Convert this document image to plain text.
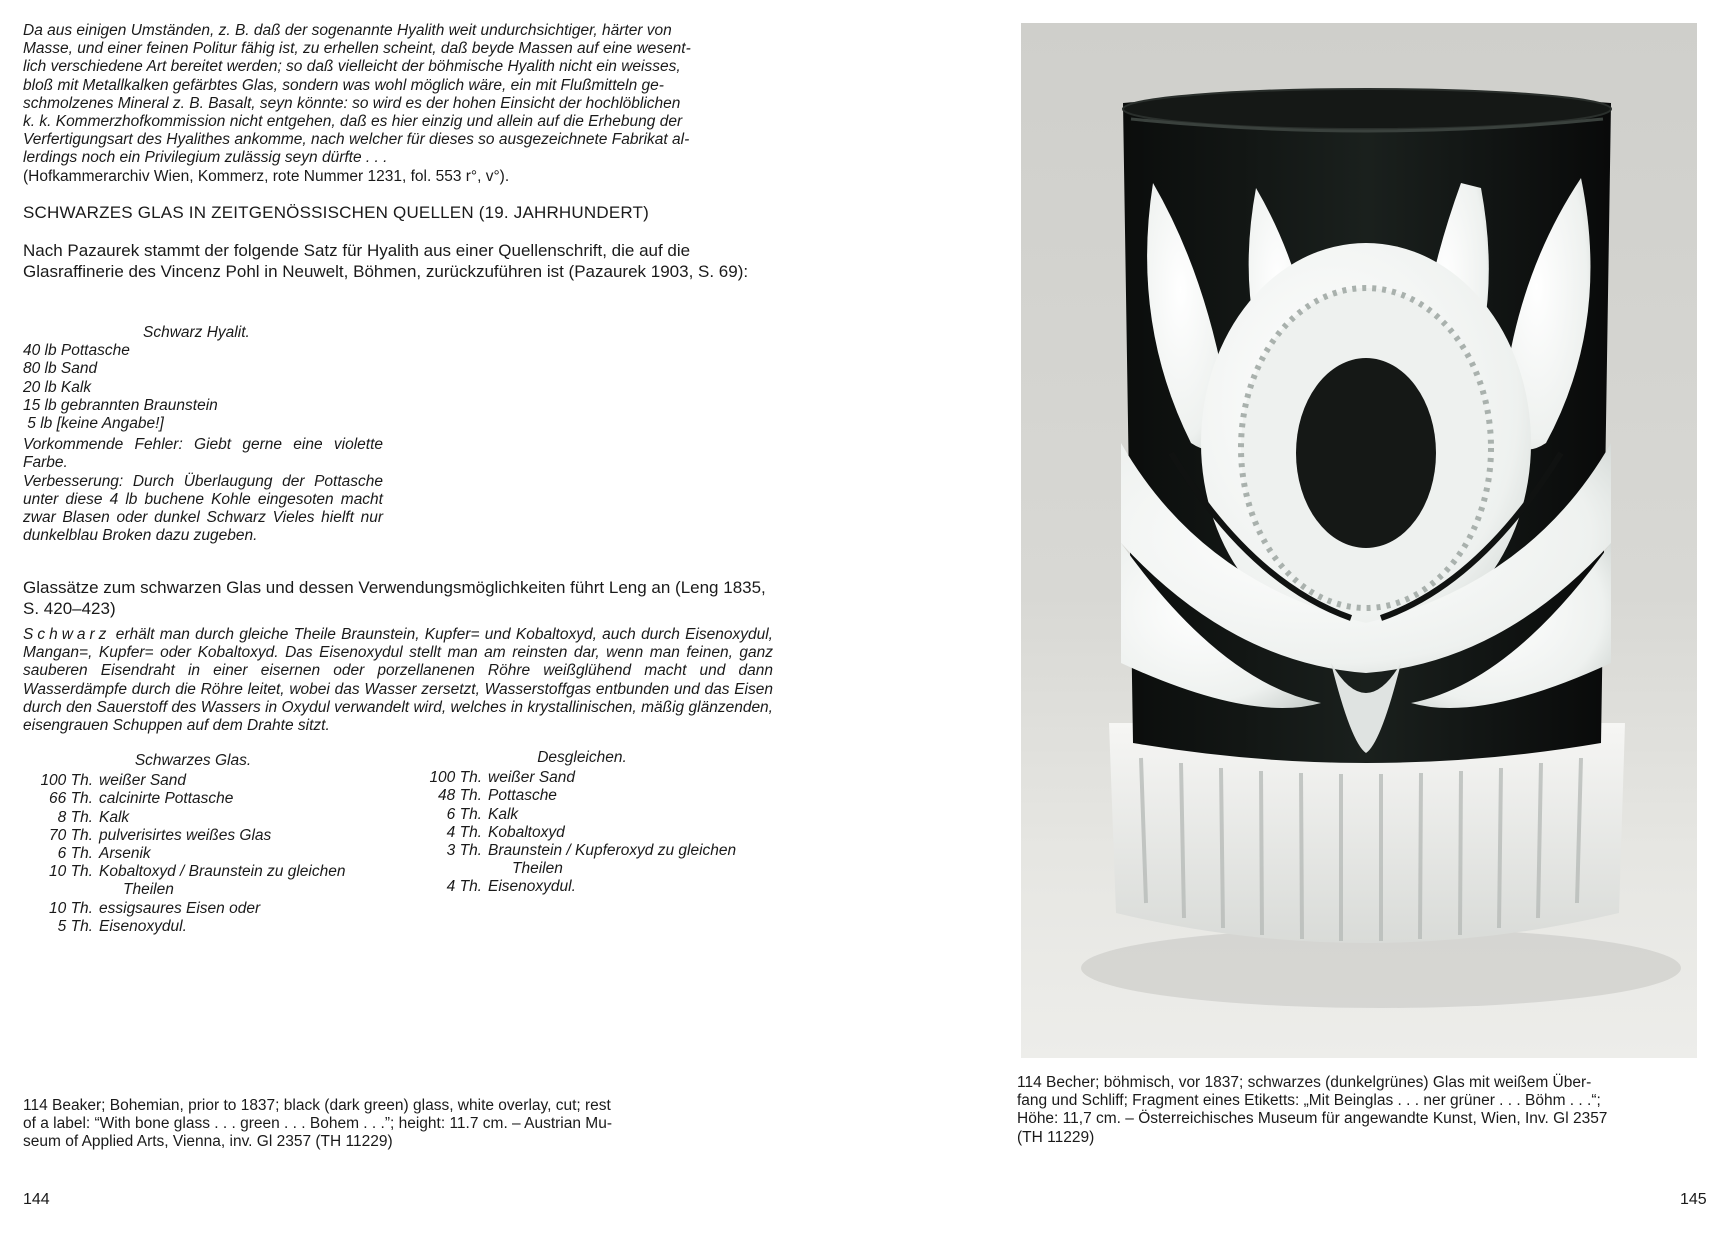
Da aus einigen Umständen, z. B. daß der sogenannte Hyalith weit undurchsichtiger, härter von
Masse, und einer feinen Politur fähig ist, zu erhellen scheint, daß beyde Massen auf eine wesent-
lich verschiedene Art bereitet werden; so daß vielleicht der böhmische Hyalith nicht ein weisses,
bloß mit Metallkalken gefärbtes Glas, sondern was wohl möglich wäre, ein mit Flußmitteln ge-
schmolzenes Mineral z. B. Basalt, seyn könnte: so wird es der hohen Einsicht der hochlöblichen
k. k. Kommerzhofkommission nicht entgehen, daß es hier einzig und allein auf die Erhebung der
Verfertigungsart des Hyalithes ankomme, nach welcher für dieses so ausgezeichnete Fabrikat al-
lerdings noch ein Privilegium zulässig seyn dürfte . . .
(Hofkammerarchiv Wien, Kommerz, rote Nummer 1231, fol. 553 r°, v°).
SCHWARZES GLAS IN ZEITGENÖSSISCHEN QUELLEN (19. JAHRHUNDERT)

Nach Pazaurek stammt der folgende Satz für Hyalith aus einer Quellenschrift, die auf die Glasraffinerie des Vincenz Pohl in Neuwelt, Böhmen, zurückzuführen ist (Pazaurek 1903, S. 69):

Schwarz Hyalit.
40 lb Pottasche
80 lb Sand
20 lb Kalk
15 lb gebrannten Braunstein
5 lb [keine Angabe!]
Vorkommende Fehler: Giebt gerne eine violette Farbe.
Verbesserung: Durch Überlaugung der Pottasche unter diese 4 lb buchene Kohle eingesoten macht zwar Blasen oder dunkel Schwarz Vieles hielft nur dunkelblau Broken dazu zugeben.

Glassätze zum schwarzen Glas und dessen Verwendungsmöglichkeiten führt Leng an (Leng 1835, S. 420–423)

Schwarz erhält man durch gleiche Theile Braunstein, Kupfer= und Kobaltoxyd, auch durch Eisenoxydul, Mangan=, Kupfer= oder Kobaltoxyd. Das Eisenoxydul stellt man am reinsten dar, wenn man feinen, ganz sauberen Eisendraht in einer eisernen oder porzellanenen Röhre weißglühend macht und dann Wasserdämpfe durch die Röhre leitet, wobei das Wasser zersetzt, Wasserstoffgas entbunden und das Eisen durch den Sauerstoff des Wassers in Oxydul verwandelt wird, welches in krystallinischen, mäßig glänzenden, eisengrauen Schuppen auf dem Drahte sitzt.
Schwarzes Glas.
100 Th. weißer Sand
66 Th. calcinirte Pottasche
8 Th. Kalk
70 Th. pulverisirtes weißes Glas
6 Th. Arsenik
10 Th. Kobaltoxyd / Braunstein zu gleichen
Theilen
10 Th. essigsaures Eisen oder
5 Th. Eisenoxydul.
Desgleichen.
100 Th. weißer Sand
48 Th. Pottasche
6 Th. Kalk
4 Th. Kobaltoxyd
3 Th. Braunstein / Kupferoxyd zu gleichen
Theilen
4 Th. Eisenoxydul.
114 Beaker; Bohemian, prior to 1837; black (dark green) glass, white overlay, cut; rest
of a label: “With bone glass . . . green . . . Bohem . . .”; height: 11.7 cm. – Austrian Mu-
seum of Applied Arts, Vienna, inv. Gl 2357 (TH 11229)
144
114 Becher; böhmisch, vor 1837; schwarzes (dunkelgrünes) Glas mit weißem Über-
fang und Schliff; Fragment eines Etiketts: „Mit Beinglas . . . ner grüner . . . Böhm . . .“;
Höhe: 11,7 cm. – Österreichisches Museum für angewandte Kunst, Wien, Inv. Gl 2357
(TH 11229)
145
